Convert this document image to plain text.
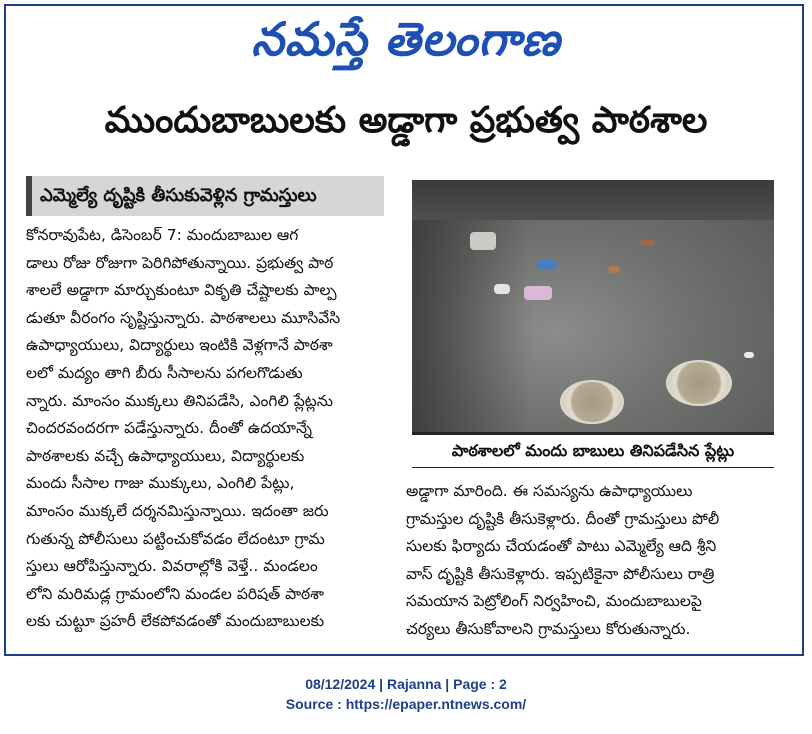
నమస్తే తెలంగాణ
ముందుబాబులకు అడ్డాగా ప్రభుత్వ పాఠశాల
ఎమ్మెల్యే దృష్టికి తీసుకువెళ్లిన గ్రామస్తులు
కోనరావుపేట, డిసెంబర్ 7: మందుబాబుల ఆగ
డాలు రోజు రోజుగా పెరిగిపోతున్నాయి. ప్రభుత్వ పాఠ
శాలలే అడ్డాగా మార్చుకుంటూ వికృతి చేష్టాలకు పాల్ప
డుతూ వీరంగం సృష్టిస్తున్నారు. పాఠశాలలు మూసివేసి
ఉపాధ్యాయులు, విద్యార్థులు ఇంటికి వెళ్లగానే పాఠశా
లలో మద్యం తాగి బీరు సీసాలను పగలగొడుతు
న్నారు. మాంసం ముక్కలు తినిపడేసి, ఎంగిలి ప్లేట్లను
చిందరవందరగా పడేస్తున్నారు. దీంతో ఉదయాన్నే
పాఠశాలకు వచ్చే ఉపాధ్యాయులు, విద్యార్థులకు
మందు సీసాల గాజు ముక్కులు, ఎంగిలి పేట్లు,
మాంసం ముక్కలే దర్శనమిస్తున్నాయి. ఇదంతా జరు
గుతున్న పోలీసులు పట్టించుకోవడం లేదంటూ గ్రామ
స్తులు ఆరోపిస్తున్నారు. వివరాల్లోకి వెళ్తే.. మండలం
లోని మరిమడ్ల గ్రామంలోని మండల పరిషత్ పాఠశా
లకు చుట్టూ ప్రహరీ లేకపోవడంతో మందుబాబులకు
పాఠశాలలో మందు బాబులు తినిపడేసిన ప్లేట్లు
అడ్డాగా మారింది. ఈ సమస్యను ఉపాధ్యాయులు
గ్రామస్తుల దృష్టికి తీసుకెళ్లారు. దీంతో గ్రామస్తులు పోలీ
సులకు ఫిర్యాదు చేయడంతో పాటు ఎమ్మెల్యే ఆది శ్రీని
వాస్ దృష్టికి తీసుకెళ్లారు. ఇప్పటికైనా పోలీసులు రాత్రి
సమయాన పెట్రోలింగ్ నిర్వహించి, మందుబాబులపై
చర్యలు తీసుకోవాలని గ్రామస్తులు కోరుతున్నారు.
08/12/2024 | Rajanna | Page : 2
Source : https://epaper.ntnews.com/
